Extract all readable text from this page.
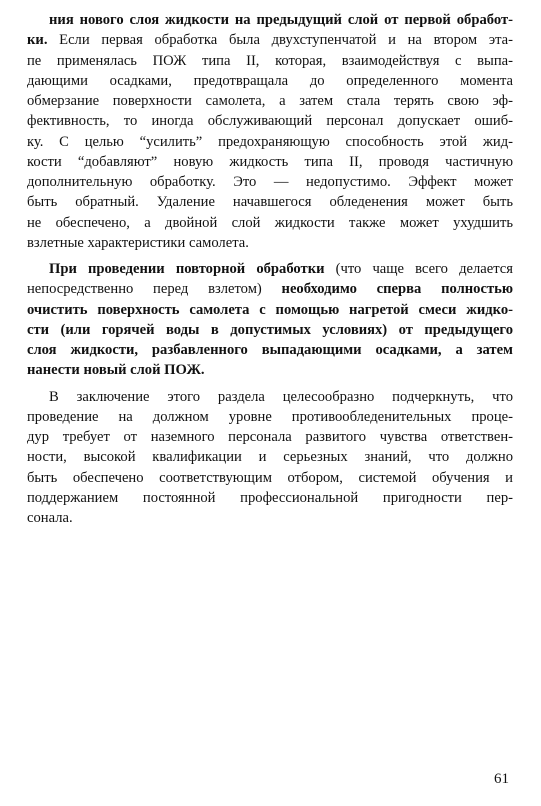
ния нового слоя жидкости на предыдущий слой от первой обработ-
ки. Если первая обработка была двухступенчатой и на втором эта-
пе применялась ПОЖ типа II, которая, взаимодействуя с выпа-
дающими осадками, предотвращала до определенного момента
обмерзание поверхности самолета, а затем стала терять свою эф-
фективность, то иногда обслуживающий персонал допускает ошиб-
ку. С целью “усилить” предохраняющую способность этой жид-
кости “добавляют” новую жидкость типа II, проводя частичную
дополнительную обработку. Это — недопустимо. Эффект может
быть обратный. Удаление начавшегося обледенения может быть
не обеспечено, а двойной слой жидкости также может ухудшить
взлетные характеристики самолета.
При проведении повторной обработки (что чаще всего делается
непосредственно перед взлетом) необходимо сперва полностью
очистить поверхность самолета с помощью нагретой смеси жидко-
сти (или горячей воды в допустимых условиях) от предыдущего
слоя жидкости, разбавленного выпадающими осадками, а затем
нанести новый слой ПОЖ.
В заключение этого раздела целесообразно подчеркнуть, что
проведение на должном уровне противообледенительных проце-
дур требует от наземного персонала развитого чувства ответствен-
ности, высокой квалификации и серьезных знаний, что должно
быть обеспечено соответствующим отбором, системой обучения и
поддержанием постоянной профессиональной пригодности пер-
сонала.
61
